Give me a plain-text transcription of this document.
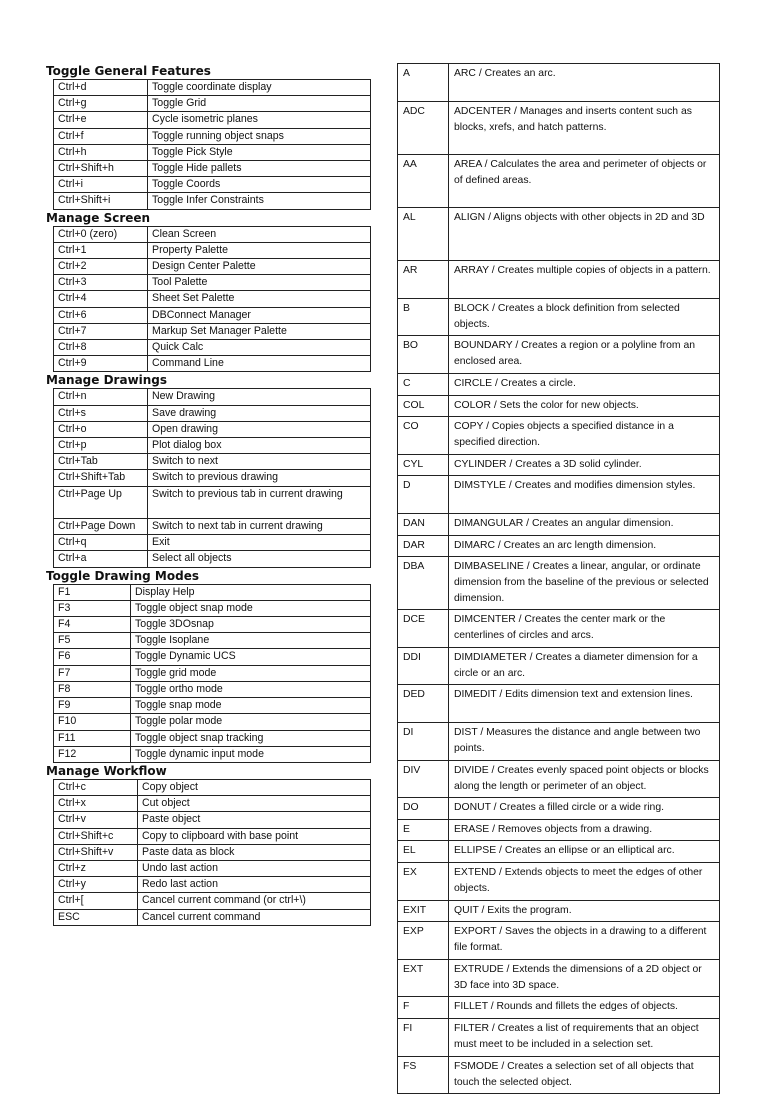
Toggle General Features
Ctrl+d	Toggle coordinate display
Ctrl+g	Toggle Grid
Ctrl+e	Cycle isometric planes
Ctrl+f	Toggle running object snaps
Ctrl+h	Toggle Pick Style
Ctrl+Shift+h	Toggle Hide pallets
Ctrl+i	Toggle Coords
Ctrl+Shift+i	Toggle Infer Constraints
Manage Screen
Ctrl+0 (zero)	Clean Screen
Ctrl+1	Property Palette
Ctrl+2	Design Center Palette
Ctrl+3	Tool Palette
Ctrl+4	Sheet Set Palette
Ctrl+6	DBConnect Manager
Ctrl+7	Markup Set Manager Palette
Ctrl+8	Quick Calc
Ctrl+9	Command Line
Manage Drawings
Ctrl+n	New Drawing
Ctrl+s	Save drawing
Ctrl+o	Open drawing
Ctrl+p	Plot dialog box
Ctrl+Tab	Switch to next
Ctrl+Shift+Tab	Switch to previous drawing
Ctrl+Page Up	Switch to previous tab in current drawing
Ctrl+Page Down	Switch to next tab in current drawing
Ctrl+q	Exit
Ctrl+a	Select all objects
Toggle Drawing Modes
F1	Display Help
F3	Toggle object snap mode
F4	Toggle 3DOsnap
F5	Toggle Isoplane
F6	Toggle Dynamic UCS
F7	Toggle grid mode
F8	Toggle ortho mode
F9	Toggle snap mode
F10	Toggle polar mode
F11	Toggle object snap tracking
F12	Toggle dynamic input mode
Manage Workflow
Ctrl+c	Copy object
Ctrl+x	Cut object
Ctrl+v	Paste object
Ctrl+Shift+c	Copy to clipboard with base point
Ctrl+Shift+v	Paste data as block
Ctrl+z	Undo last action
Ctrl+y	Redo last action
Ctrl+[	Cancel current command (or ctrl+\)
ESC	Cancel current command
A	ARC / Creates an arc.
ADC	ADCENTER / Manages and inserts content such as blocks, xrefs, and hatch patterns.
AA	AREA / Calculates the area and perimeter of objects or of defined areas.
AL	ALIGN / Aligns objects with other objects in 2D and 3D
AR	ARRAY / Creates multiple copies of objects in a pattern.
B	BLOCK / Creates a block definition from selected objects.
BO	BOUNDARY / Creates a region or a polyline from an enclosed area.
C	CIRCLE / Creates a circle.
COL	COLOR / Sets the color for new objects.
CO	COPY / Copies objects a specified distance in a specified direction.
CYL	CYLINDER / Creates a 3D solid cylinder.
D	DIMSTYLE / Creates and modifies dimension styles.
DAN	DIMANGULAR / Creates an angular dimension.
DAR	DIMARC / Creates an arc length dimension.
DBA	DIMBASELINE / Creates a linear, angular, or ordinate dimension from the baseline of the previous or selected dimension.
DCE	DIMCENTER / Creates the center mark or the centerlines of circles and arcs.
DDI	DIMDIAMETER / Creates a diameter dimension for a circle or an arc.
DED	DIMEDIT / Edits dimension text and extension lines.
DI	DIST / Measures the distance and angle between two points.
DIV	DIVIDE / Creates evenly spaced point objects or blocks along the length or perimeter of an object.
DO	DONUT / Creates a filled circle or a wide ring.
E	ERASE / Removes objects from a drawing.
EL	ELLIPSE / Creates an ellipse or an elliptical arc.
EX	EXTEND / Extends objects to meet the edges of other objects.
EXIT	QUIT / Exits the program.
EXP	EXPORT / Saves the objects in a drawing to a different file format.
EXT	EXTRUDE / Extends the dimensions of a 2D object or 3D face into 3D space.
F	FILLET / Rounds and fillets the edges of objects.
FI	FILTER / Creates a list of requirements that an object must meet to be included in a selection set.
FS	FSMODE / Creates a selection set of all objects that touch the selected object.
